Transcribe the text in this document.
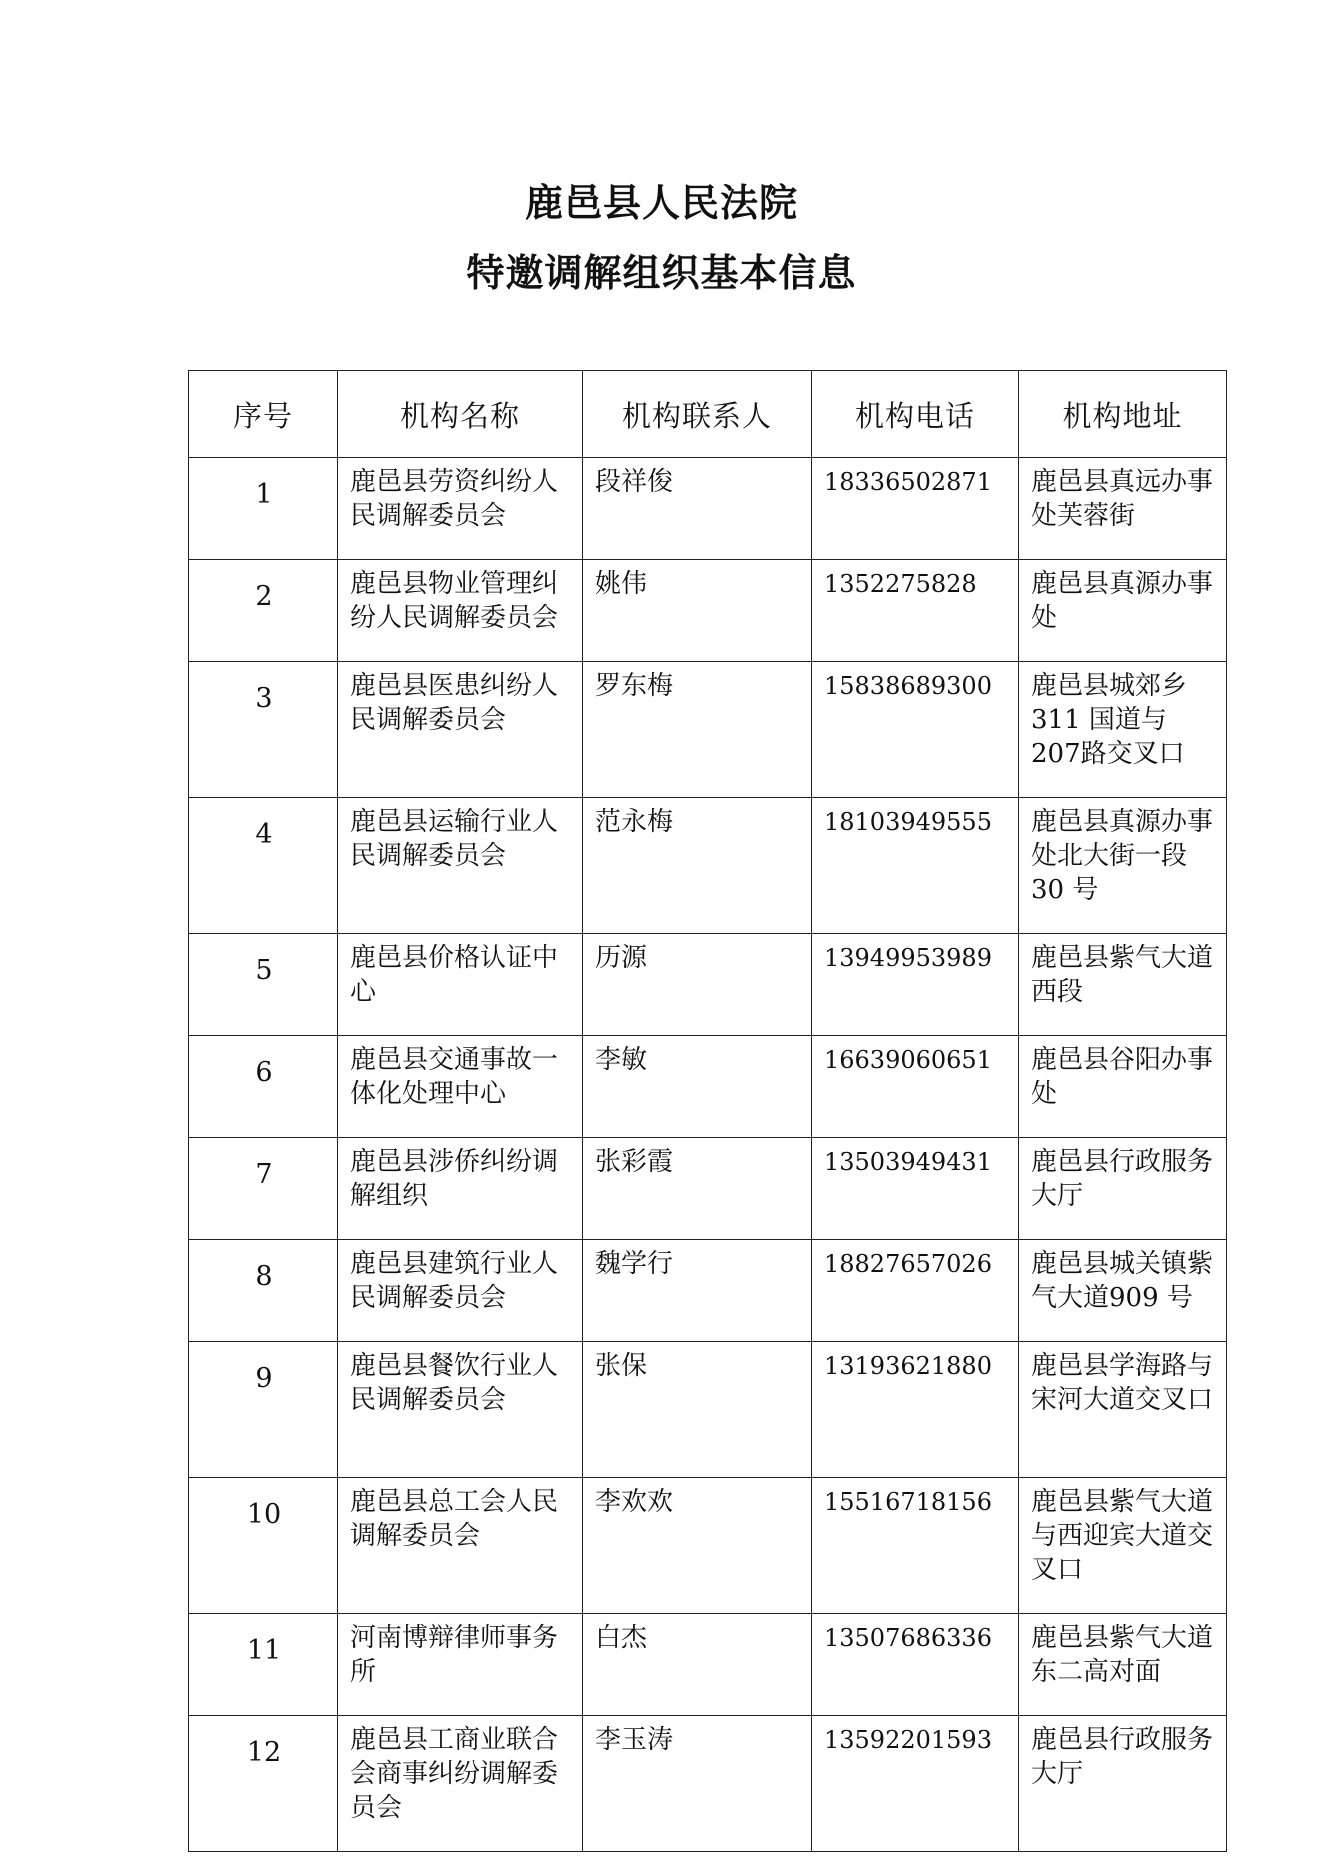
鹿邑县人民法院
特邀调解组织基本信息
序号	机构名称	机构联系人	机构电话	机构地址
1	鹿邑县劳资纠纷人民调解委员会	段祥俊	18336502871	鹿邑县真远办事处芙蓉街
2	鹿邑县物业管理纠纷人民调解委员会	姚伟	1352275828	鹿邑县真源办事处
3	鹿邑县医患纠纷人民调解委员会	罗东梅	15838689300	鹿邑县城郊乡311 国道与207路交叉口
4	鹿邑县运输行业人民调解委员会	范永梅	18103949555	鹿邑县真源办事处北大街一段 30 号
5	鹿邑县价格认证中心	历源	13949953989	鹿邑县紫气大道西段
6	鹿邑县交通事故一体化处理中心	李敏	16639060651	鹿邑县谷阳办事处
7	鹿邑县涉侨纠纷调解组织	张彩霞	13503949431	鹿邑县行政服务大厅
8	鹿邑县建筑行业人民调解委员会	魏学行	18827657026	鹿邑县城关镇紫气大道909 号
9	鹿邑县餐饮行业人民调解委员会	张保	13193621880	鹿邑县学海路与宋河大道交叉口
10	鹿邑县总工会人民调解委员会	李欢欢	15516718156	鹿邑县紫气大道与西迎宾大道交叉口
11	河南博辩律师事务所	白杰	13507686336	鹿邑县紫气大道东二高对面
12	鹿邑县工商业联合会商事纠纷调解委员会	李玉涛	13592201593	鹿邑县行政服务大厅
